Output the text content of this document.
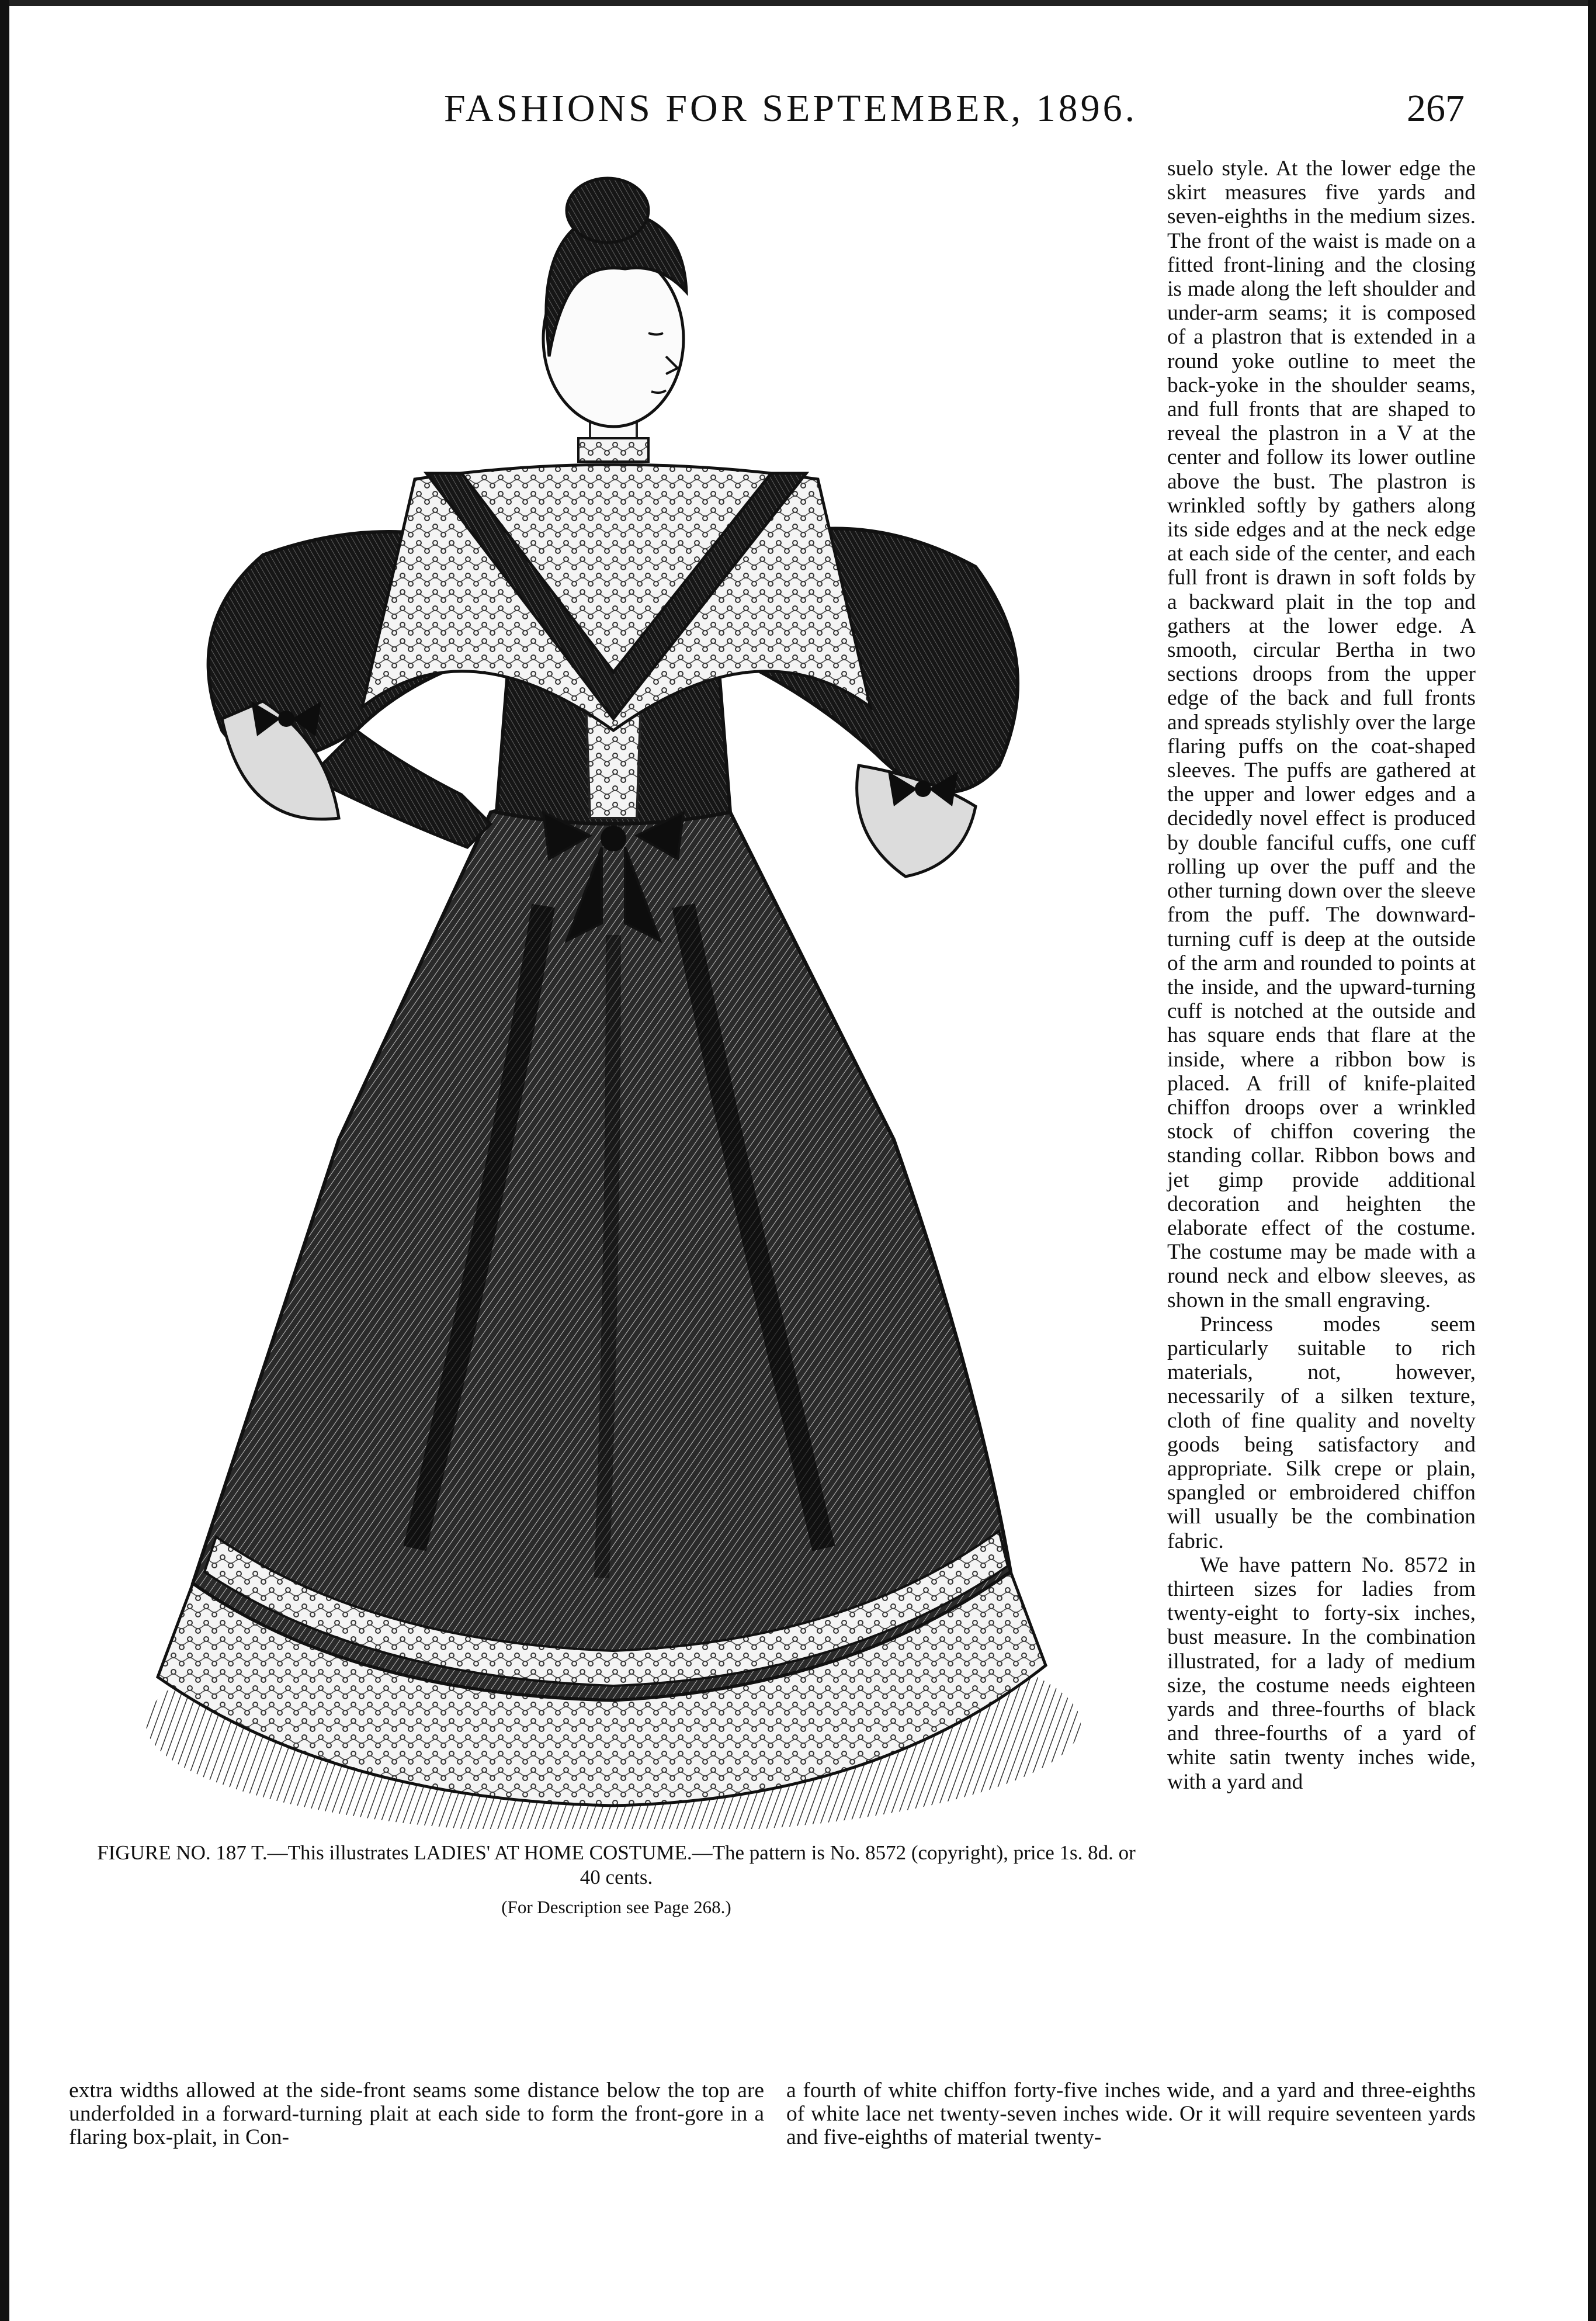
FASHIONS FOR SEPTEMBER, 1896.	267

suelo style. At the lower edge the skirt measures five yards and seven-eighths in the medium sizes. The front of the waist is made on a fitted front-lining and the closing is made along the left shoulder and under-arm seams; it is composed of a plastron that is extended in a round yoke outline to meet the back-yoke in the shoulder seams, and full fronts that are shaped to reveal the plastron in a V at the center and follow its lower outline above the bust. The plastron is wrinkled softly by gathers along its side edges and at the neck edge at each side of the center, and each full front is drawn in soft folds by a backward plait in the top and gathers at the lower edge. A smooth, circular Bertha in two sections droops from the upper edge of the back and full fronts and spreads stylishly over the large flaring puffs on the coat-shaped sleeves. The puffs are gathered at the upper and lower edges and a decidedly novel effect is produced by double fanciful cuffs, one cuff rolling up over the puff and the other turning down over the sleeve from the puff. The downward-turning cuff is deep at the outside of the arm and rounded to points at the inside, and the upward-turning cuff is notched at the outside and has square ends that flare at the inside, where a ribbon bow is placed. A frill of knife-plaited chiffon droops over a wrinkled stock of chiffon covering the standing collar. Ribbon bows and jet gimp provide additional decoration and heighten the elaborate effect of the costume. The costume may be made with a round neck and elbow sleeves, as shown in the small engraving.

Princess modes seem particularly suitable to rich materials, not, however, necessarily of a silken texture, cloth of fine quality and novelty goods being satisfactory and appropriate. Silk crepe or plain, spangled or embroidered chiffon will usually be the combination fabric.

We have pattern No. 8572 in thirteen sizes for ladies from twenty-eight to forty-six inches, bust measure. In the combination illustrated, for a lady of medium size, the costume needs eighteen yards and three-fourths of black and three-fourths of a yard of white satin twenty inches wide, with a yard and

FIGURE NO. 187 T.—This illustrates LADIES' AT HOME COSTUME.—The pattern is No. 8572 (copyright), price 1s. 8d. or 40 cents.
(For Description see Page 268.)
extra widths allowed at the side-front seams some distance below the top are underfolded in a forward-turning plait at each side to form the front-gore in a flaring box-plait, in Con-
a fourth of white chiffon forty-five inches wide, and a yard and three-eighths of white lace net twenty-seven inches wide. Or it will require seventeen yards and five-eighths of material twenty-
